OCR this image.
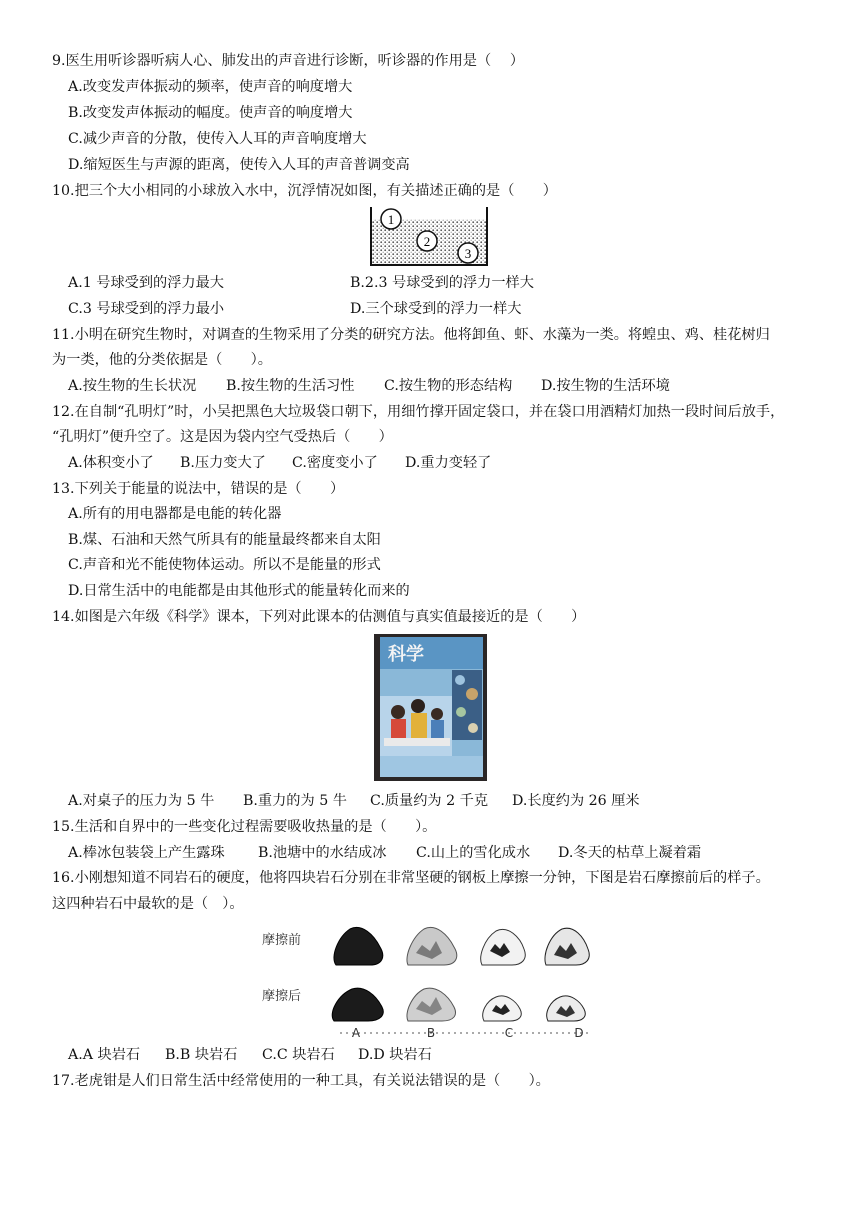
9.医生用听诊器听病人心、肺发出的声音进行诊断，听诊器的作用是（　 ）
A.改变发声体振动的频率，使声音的响度增大
B.改变发声体振动的幅度。使声音的响度增大
C.减少声音的分散，使传入人耳的声音响度增大
D.缩短医生与声源的距离，使传入人耳的声音普调变高
10.把三个大小相同的小球放入水中，沉浮情况如图，有关描述正确的是（　　）
1
2
3
A.1 号球受到的浮力最大	B.2.3 号球受到的浮力一样大
C.3 号球受到的浮力最小	D.三个球受到的浮力一样大
11.小明在研究生物时，对调查的生物采用了分类的研究方法。他将卸鱼、虾、水藻为一类。将蝗虫、鸡、桂花树归
为一类，他的分类依据是（　　）。
A.按生物的生长状况 B.按生物的生活习性 C.按生物的形态结构 D.按生物的生活环境
12.在自制“孔明灯”时，小吴把黑色大垃圾袋口朝下，用细竹撑开固定袋口，并在袋口用酒精灯加热一段时间后放手，
“孔明灯”便升空了。这是因为袋内空气受热后（　　）
A.体积变小了 B.压力变大了 C.密度变小了 D.重力变轻了
13.下列关于能量的说法中，错误的是（　　）
A.所有的用电器都是电能的转化器
B.煤、石油和天然气所具有的能量最终都来自太阳
C.声音和光不能使物体运动。所以不是能量的形式
D.日常生活中的电能都是由其他形式的能量转化而来的
14.如图是六年级《科学》课本，下列对此课本的估测值与真实值最接近的是（　　）
科学
A.对桌子的压力为 5 牛 B.重力的为 5 牛 C.质量约为 2 千克 D.长度约为 26 厘米
15.生活和自界中的一些变化过程需要吸收热量的是（　　）。
A.棒冰包装袋上产生露珠 B.池塘中的水结成冰 C.山上的雪化成水 D.冬天的枯草上凝着霜
16.小刚想知道不同岩石的硬度，他将四块岩石分别在非常坚硬的钢板上摩擦一分钟，下图是岩石摩擦前后的样子。
这四种岩石中最软的是（　）。
摩擦前
摩擦后
A	B	C	D
A.A 块岩石 B.B 块岩石 C.C 块岩石 D.D 块岩石
17.老虎钳是人们日常生活中经常使用的一种工具，有关说法错误的是（　　）。
